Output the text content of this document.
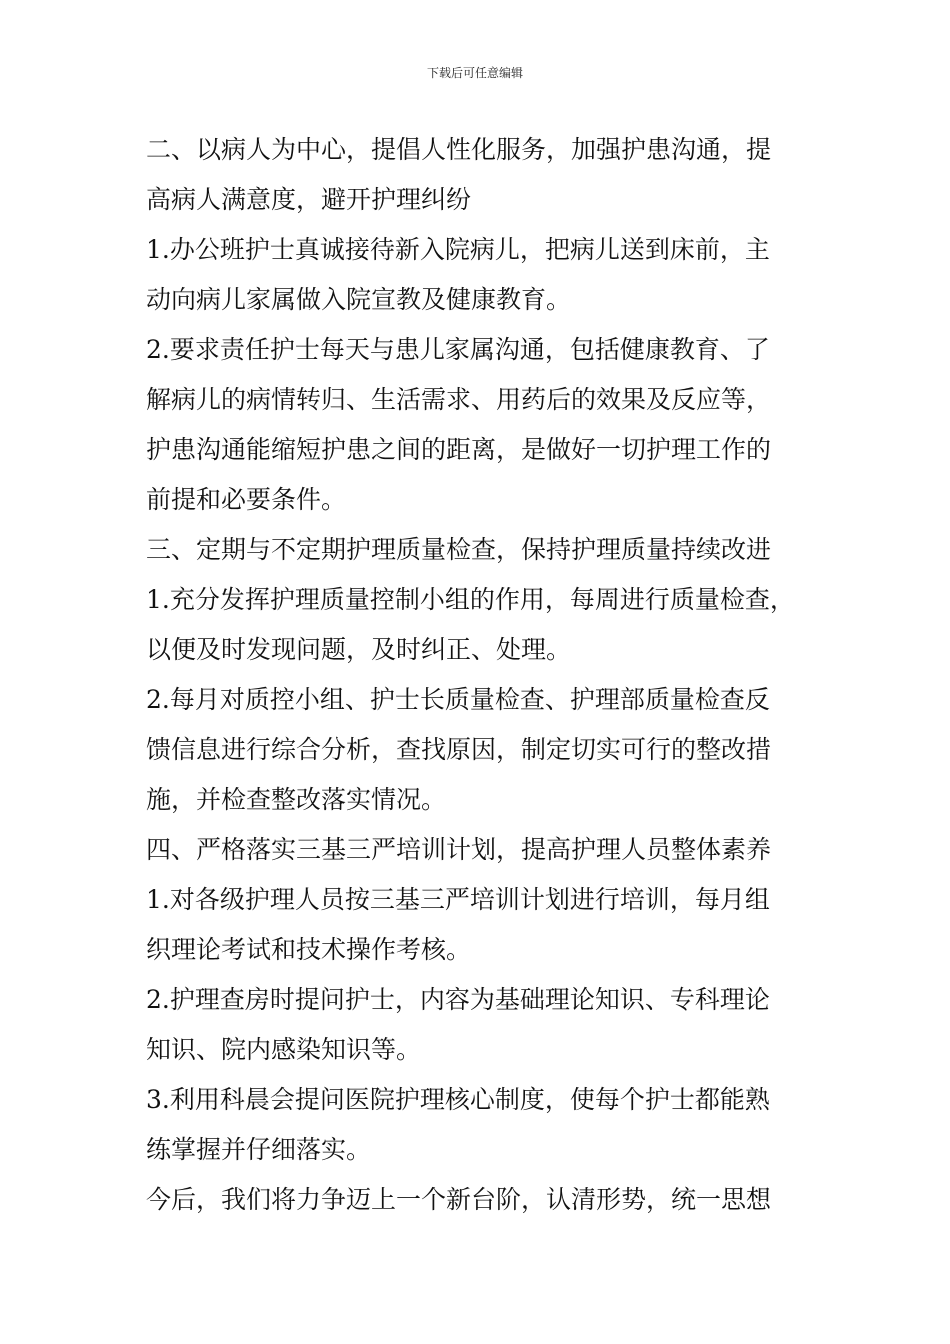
下载后可任意编辑
二、以病人为中心，提倡人性化服务，加强护患沟通，提
高病人满意度，避开护理纠纷
1.办公班护士真诚接待新入院病儿，把病儿送到床前，主
动向病儿家属做入院宣教及健康教育。
2.要求责任护士每天与患儿家属沟通，包括健康教育、了
解病儿的病情转归、生活需求、用药后的效果及反应等，
护患沟通能缩短护患之间的距离，是做好一切护理工作的
前提和必要条件。
三、定期与不定期护理质量检查，保持护理质量持续改进
1.充分发挥护理质量控制小组的作用，每周进行质量检查，
以便及时发现问题，及时纠正、处理。
2.每月对质控小组、护士长质量检查、护理部质量检查反
馈信息进行综合分析，查找原因，制定切实可行的整改措
施，并检查整改落实情况。
四、严格落实三基三严培训计划，提高护理人员整体素养
1.对各级护理人员按三基三严培训计划进行培训，每月组
织理论考试和技术操作考核。
2.护理查房时提问护士，内容为基础理论知识、专科理论
知识、院内感染知识等。
3.利用科晨会提问医院护理核心制度，使每个护士都能熟
练掌握并仔细落实。
今后，我们将力争迈上一个新台阶，认清形势，统一思想
